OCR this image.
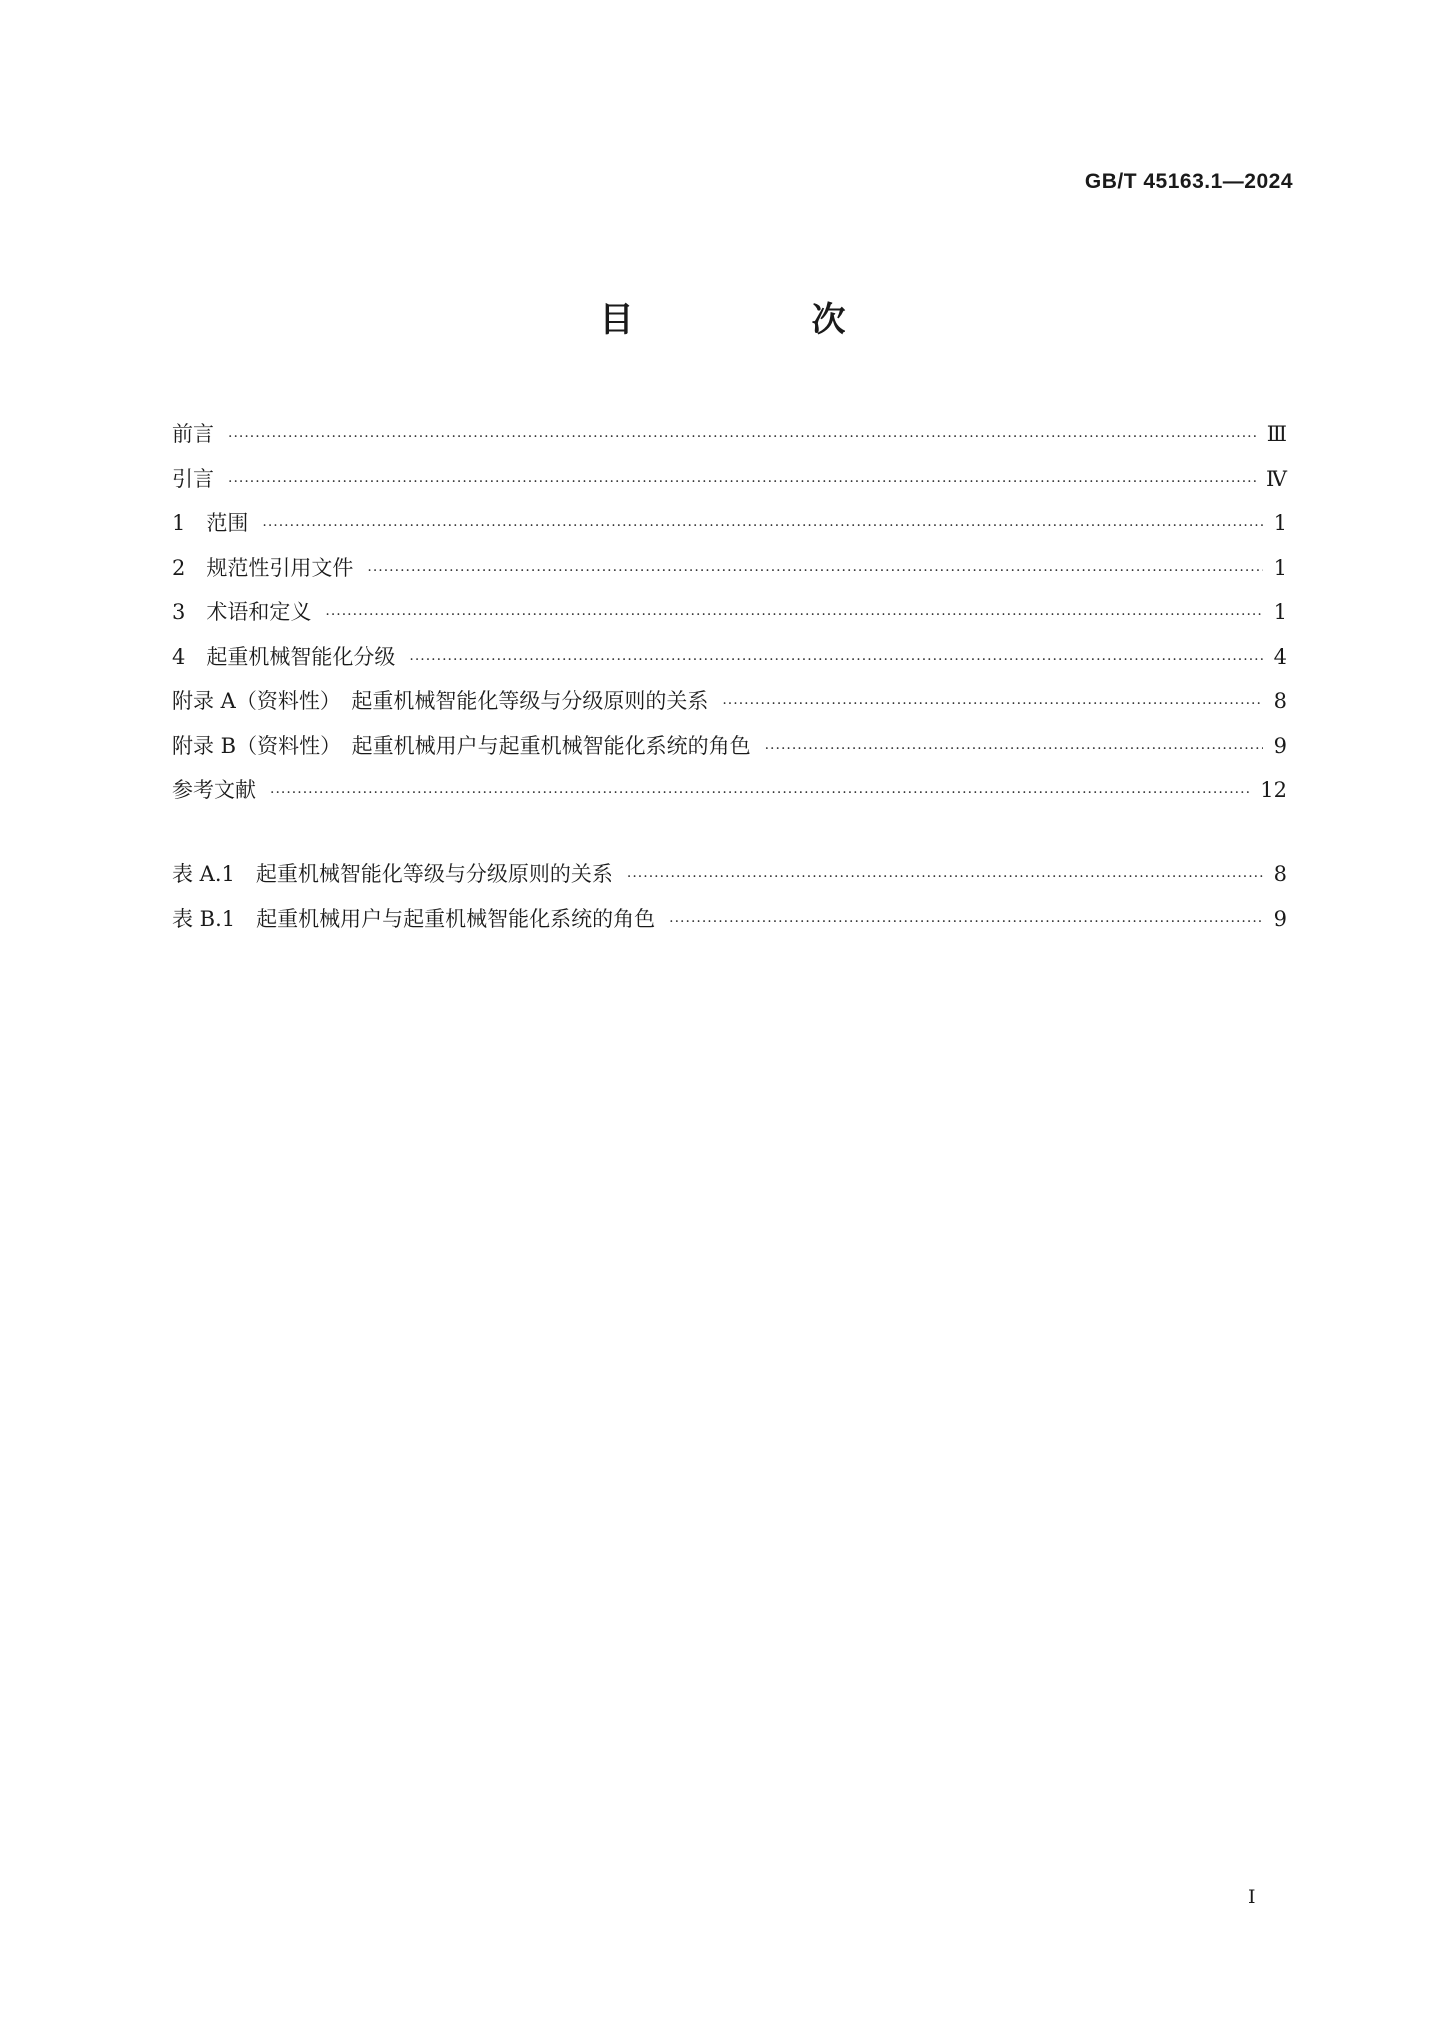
GB/T 45163.1—2024
目　次
前言 ·····	Ⅲ
引言 ·····	Ⅳ
1　范围 ·····	1
2　规范性引用文件 ·····	1
3　术语和定义 ·····	1
4　起重机械智能化分级 ·····	4
附录 A（资料性）　起重机械智能化等级与分级原则的关系 ·····	8
附录 B（资料性）　起重机械用户与起重机械智能化系统的角色 ·····	9
参考文献 ·····	12
表 A.1　起重机械智能化等级与分级原则的关系 ·····	8
表 B.1　起重机械用户与起重机械智能化系统的角色 ·····	9
I
